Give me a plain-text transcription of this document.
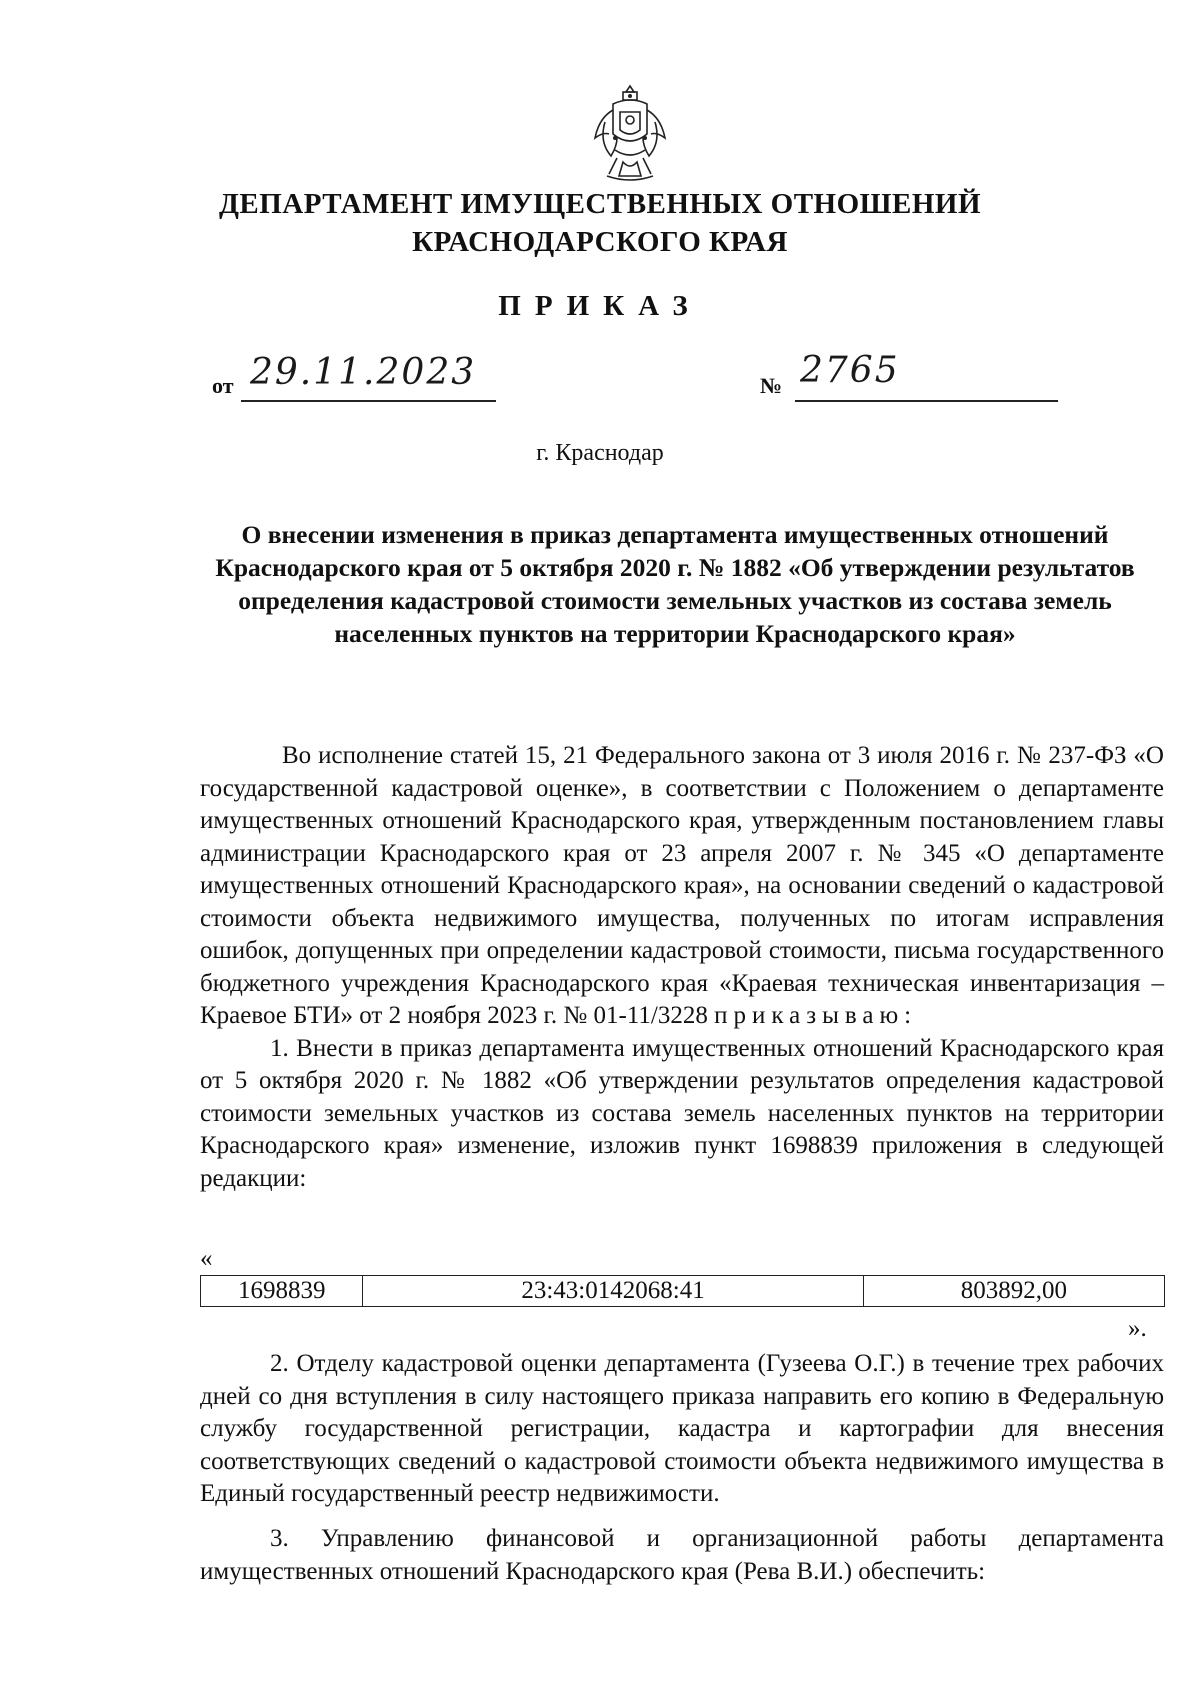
ДЕПАРТАМЕНТ ИМУЩЕСТВЕННЫХ ОТНОШЕНИЙ
КРАСНОДАРСКОГО КРАЯ
ПРИКАЗ
от 29.11.2023	№ 2765
г. Краснодар
О внесении изменения в приказ департамента имущественных отношений Краснодарского края от 5 октября 2020 г. № 1882 «Об утверждении результатов определения кадастровой стоимости земельных участков из состава земель населенных пунктов на территории Краснодарского края»
Во исполнение статей 15, 21 Федерального закона от 3 июля 2016 г. № 237-ФЗ «О государственной кадастровой оценке», в соответствии с Положением о департаменте имущественных отношений Краснодарского края, утвержденным постановлением главы администрации Краснодарского края от 23 апреля 2007 г. № 345 «О департаменте имущественных отношений Краснодарского края», на основании сведений о кадастровой стоимости объекта недвижимого имущества, полученных по итогам исправления ошибок, допущенных при определении кадастровой стоимости, письма государственного бюджетного учреждения Краснодарского края «Краевая техническая инвентаризация – Краевое БТИ» от 2 ноября 2023 г. № 01-11/3228 приказываю:
1. Внести в приказ департамента имущественных отношений Краснодарского края от 5 октября 2020 г. № 1882 «Об утверждении результатов определения кадастровой стоимости земельных участков из состава земель населенных пунктов на территории Краснодарского края» изменение, изложив пункт 1698839 приложения в следующей редакции:
«
1698839	23:43:0142068:41	803892,00
».
2. Отделу кадастровой оценки департамента (Гузеева О.Г.) в течение трех рабочих дней со дня вступления в силу настоящего приказа направить его копию в Федеральную службу государственной регистрации, кадастра и картографии для внесения соответствующих сведений о кадастровой стоимости объекта недвижимого имущества в Единый государственный реестр недвижимости.
3. Управлению финансовой и организационной работы департамента имущественных отношений Краснодарского края (Рева В.И.) обеспечить:
